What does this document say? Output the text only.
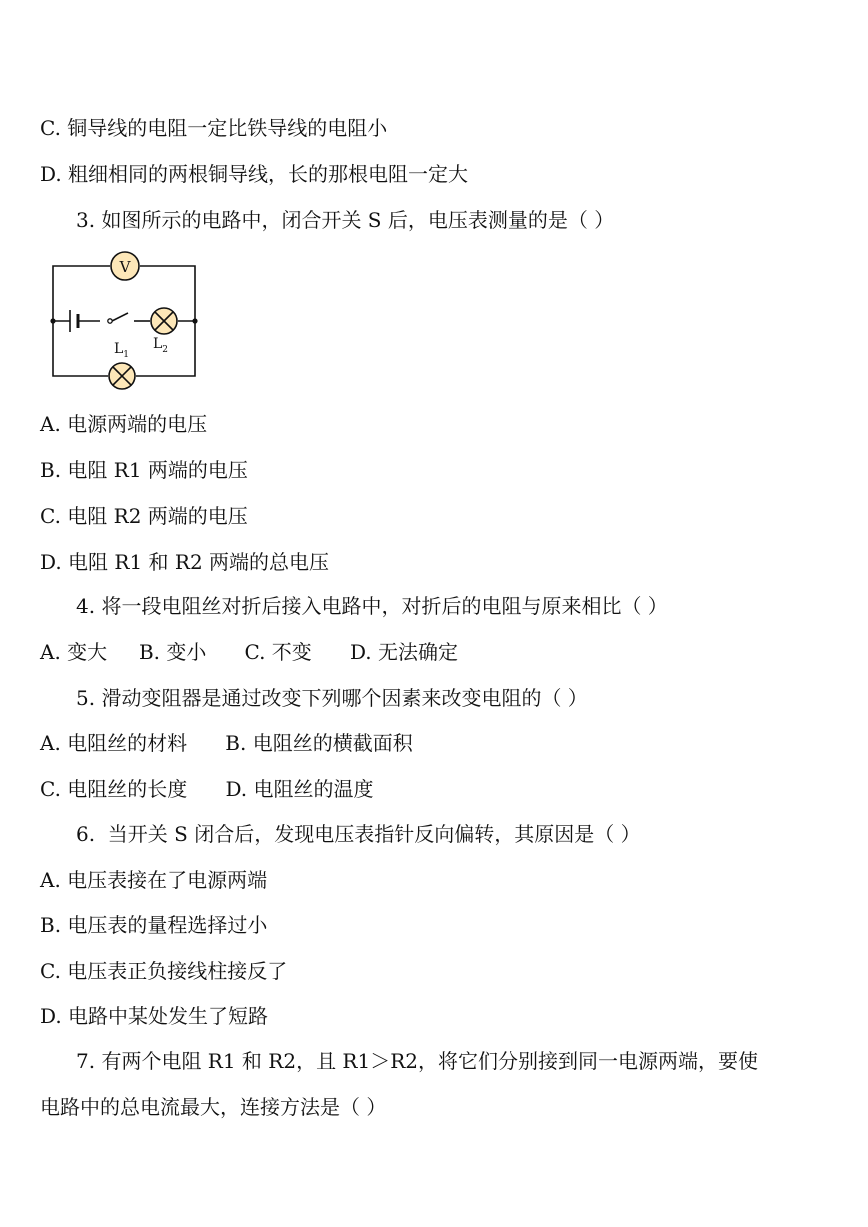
C. 铜导线的电阻一定比铁导线的电阻小
D. 粗细相同的两根铜导线，长的那根电阻一定大
3. 如图所示的电路中，闭合开关 S 后，电压表测量的是（ ）
V
$L_1$
$L_2$
A. 电源两端的电压
B. 电阻 R1 两端的电压
C. 电阻 R2 两端的电压
D. 电阻 R1 和 R2 两端的总电压
4. 将一段电阻丝对折后接入电路中，对折后的电阻与原来相比（ ）
A. 变大     B. 变小      C. 不变      D. 无法确定
5. 滑动变阻器是通过改变下列哪个因素来改变电阻的（ ）
A. 电阻丝的材料      B. 电阻丝的横截面积
C. 电阻丝的长度      D. 电阻丝的温度
6.  当开关 S 闭合后，发现电压表指针反向偏转，其原因是（ ）
A. 电压表接在了电源两端
B. 电压表的量程选择过小
C. 电压表正负接线柱接反了
D. 电路中某处发生了短路
7. 有两个电阻 R1 和 R2，且 R1＞R2，将它们分别接到同一电源两端，要使
电路中的总电流最大，连接方法是（ ）
